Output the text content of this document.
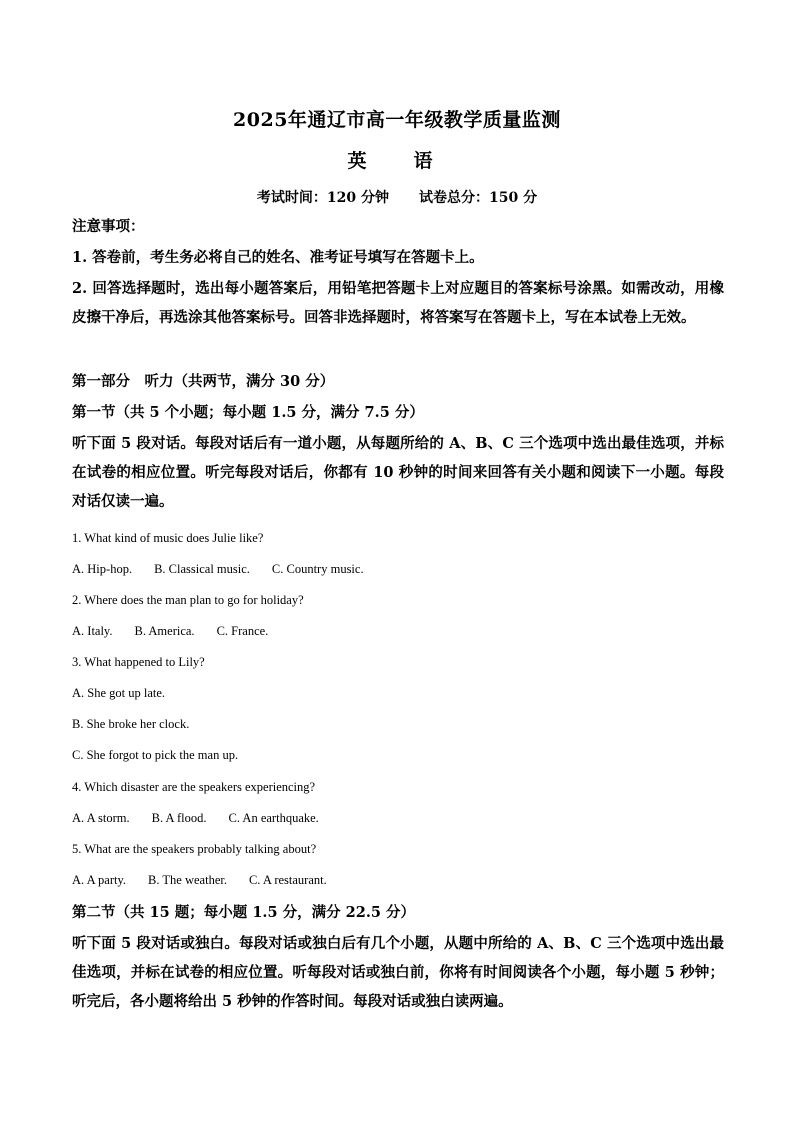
2025年通辽市高一年级教学质量监测
英　语
考试时间：120 分钟 试卷总分：150 分
注意事项：
1. 答卷前，考生务必将自己的姓名、准考证号填写在答题卡上。
2. 回答选择题时，选出每小题答案后，用铅笔把答题卡上对应题目的答案标号涂黑。如需改动，用橡皮擦干净后，再选涂其他答案标号。回答非选择题时，将答案写在答题卡上，写在本试卷上无效。
第一部分　听力（共两节，满分 30 分）
第一节（共 5 个小题；每小题 1.5 分，满分 7.5 分）
听下面 5 段对话。每段对话后有一道小题，从每题所给的 A、B、C 三个选项中选出最佳选项，并标在试卷的相应位置。听完每段对话后，你都有 10 秒钟的时间来回答有关小题和阅读下一小题。每段对话仅读一遍。
1. What kind of music does Julie like?
A. Hip-hop. B. Classical music. C. Country music.
2. Where does the man plan to go for holiday?
A. Italy. B. America. C. France.
3. What happened to Lily?
A. She got up late.
B. She broke her clock.
C. She forgot to pick the man up.
4. Which disaster are the speakers experiencing?
A. A storm. B. A flood. C. An earthquake.
5. What are the speakers probably talking about?
A. A party. B. The weather. C. A restaurant.
第二节（共 15 题；每小题 1.5 分，满分 22.5 分）
听下面 5 段对话或独白。每段对话或独白后有几个小题，从题中所给的 A、B、C 三个选项中选出最佳选项，并标在试卷的相应位置。听每段对话或独白前，你将有时间阅读各个小题，每小题 5 秒钟；听完后，各小题将给出 5 秒钟的作答时间。每段对话或独白读两遍。
